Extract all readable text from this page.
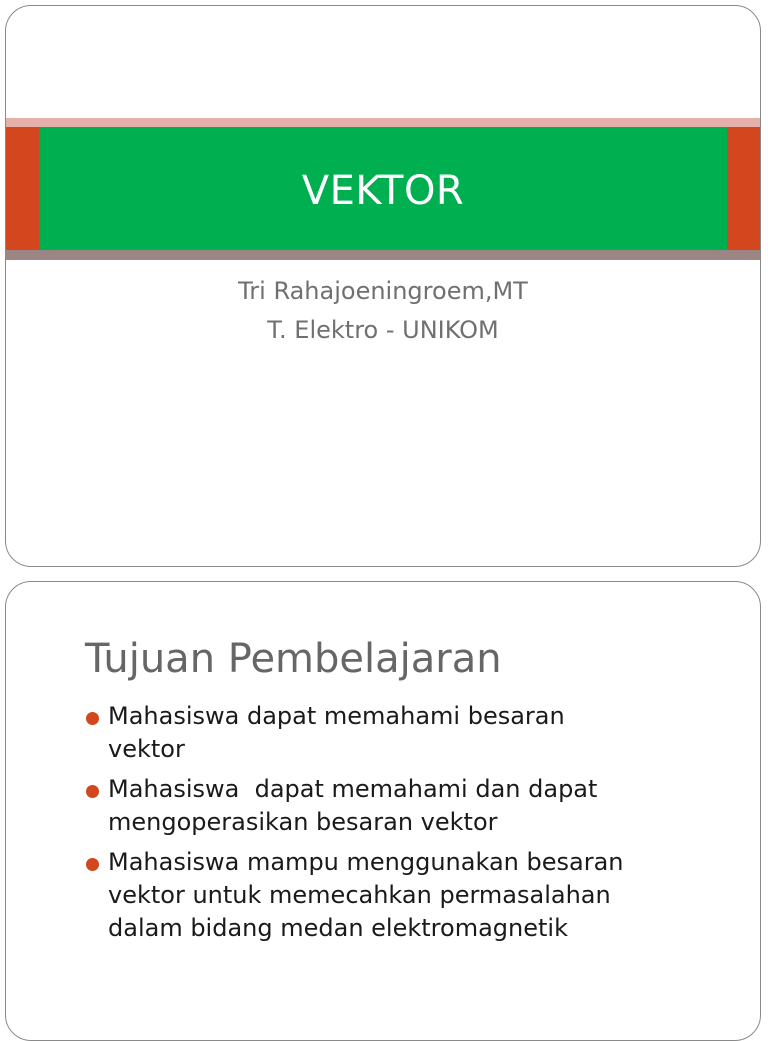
VEKTOR
Tri Rahajoeningroem,MT
T. Elektro - UNIKOM
Tujuan Pembelajaran
Mahasiswa dapat memahami besaran
vektor
Mahasiswa  dapat memahami dan dapat
mengoperasikan besaran vektor
Mahasiswa mampu menggunakan besaran
vektor untuk memecahkan permasalahan
dalam bidang medan elektromagnetik
